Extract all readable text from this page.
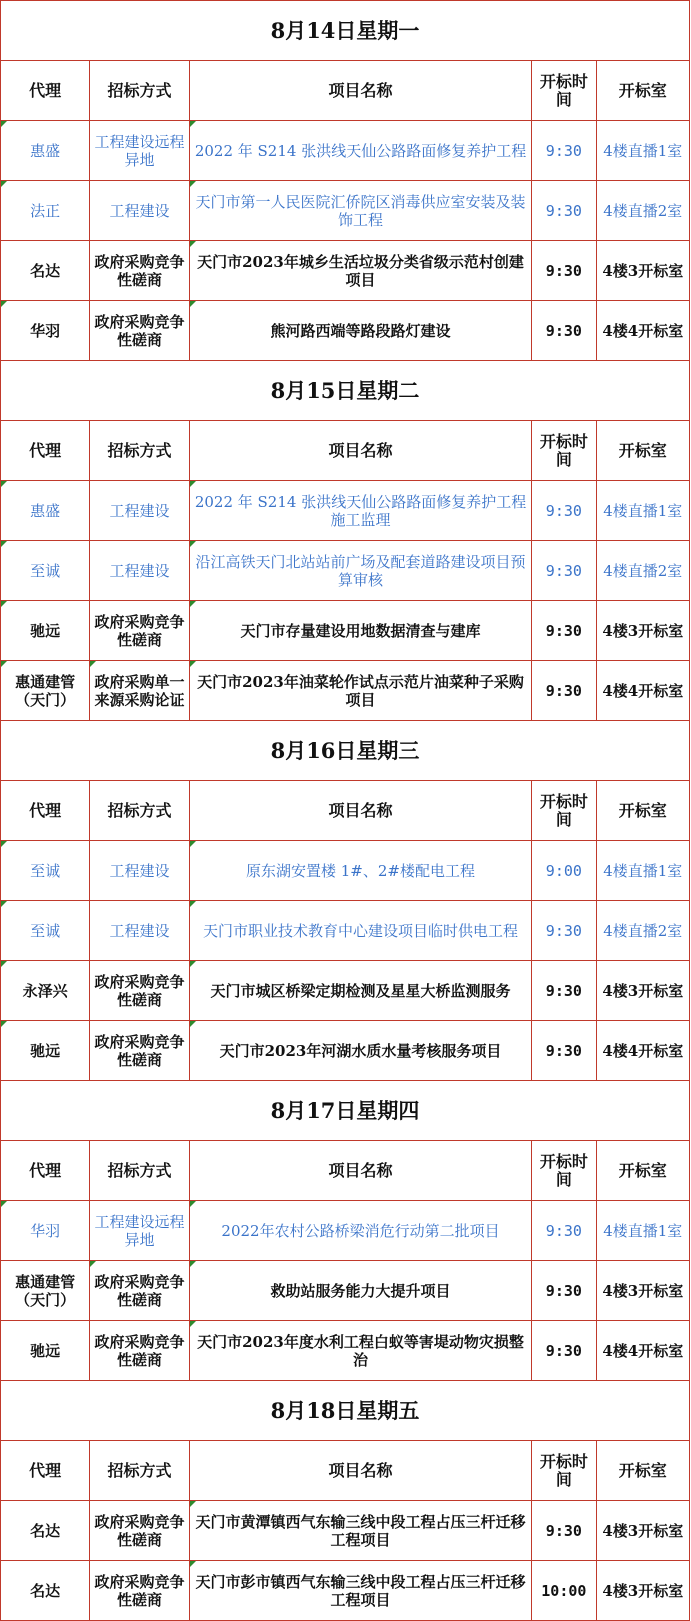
8月14日星期一				
代理	招标方式	项目名称	开标时间	开标室
惠盛	工程建设远程异地	2022 年 S214 张洪线天仙公路路面修复养护工程	9:30	4楼直播1室
法正	工程建设	天门市第一人民医院汇侨院区消毒供应室安装及装饰工程	9:30	4楼直播2室
名达	政府采购竞争性磋商	天门市2023年城乡生活垃圾分类省级示范村创建项目	9:30	4楼3开标室
华羽	政府采购竞争性磋商	熊河路西端等路段路灯建设	9:30	4楼4开标室
8月15日星期二				
代理	招标方式	项目名称	开标时间	开标室
惠盛	工程建设	2022 年 S214 张洪线天仙公路路面修复养护工程施工监理	9:30	4楼直播1室
至诚	工程建设	沿江高铁天门北站站前广场及配套道路建设项目预算审核	9:30	4楼直播2室
驰远	政府采购竞争性磋商	天门市存量建设用地数据清查与建库	9:30	4楼3开标室
惠通建管（天门）	政府采购单一来源采购论证	天门市2023年油菜轮作试点示范片油菜种子采购项目	9:30	4楼4开标室
8月16日星期三				
代理	招标方式	项目名称	开标时间	开标室
至诚	工程建设	原东湖安置楼 1#、2#楼配电工程	9:00	4楼直播1室
至诚	工程建设	天门市职业技术教育中心建设项目临时供电工程	9:30	4楼直播2室
永泽兴	政府采购竞争性磋商	天门市城区桥梁定期检测及星星大桥监测服务	9:30	4楼3开标室
驰远	政府采购竞争性磋商	天门市2023年河湖水质水量考核服务项目	9:30	4楼4开标室
8月17日星期四				
代理	招标方式	项目名称	开标时间	开标室
华羽	工程建设远程异地	2022年农村公路桥梁消危行动第二批项目	9:30	4楼直播1室
惠通建管（天门）	政府采购竞争性磋商	救助站服务能力大提升项目	9:30	4楼3开标室
驰远	政府采购竞争性磋商	天门市2023年度水利工程白蚁等害堤动物灾损整治	9:30	4楼4开标室
8月18日星期五				
代理	招标方式	项目名称	开标时间	开标室
名达	政府采购竞争性磋商	天门市黄潭镇西气东输三线中段工程占压三杆迁移工程项目	9:30	4楼3开标室
名达	政府采购竞争性磋商	天门市彭市镇西气东输三线中段工程占压三杆迁移工程项目	10:00	4楼3开标室
